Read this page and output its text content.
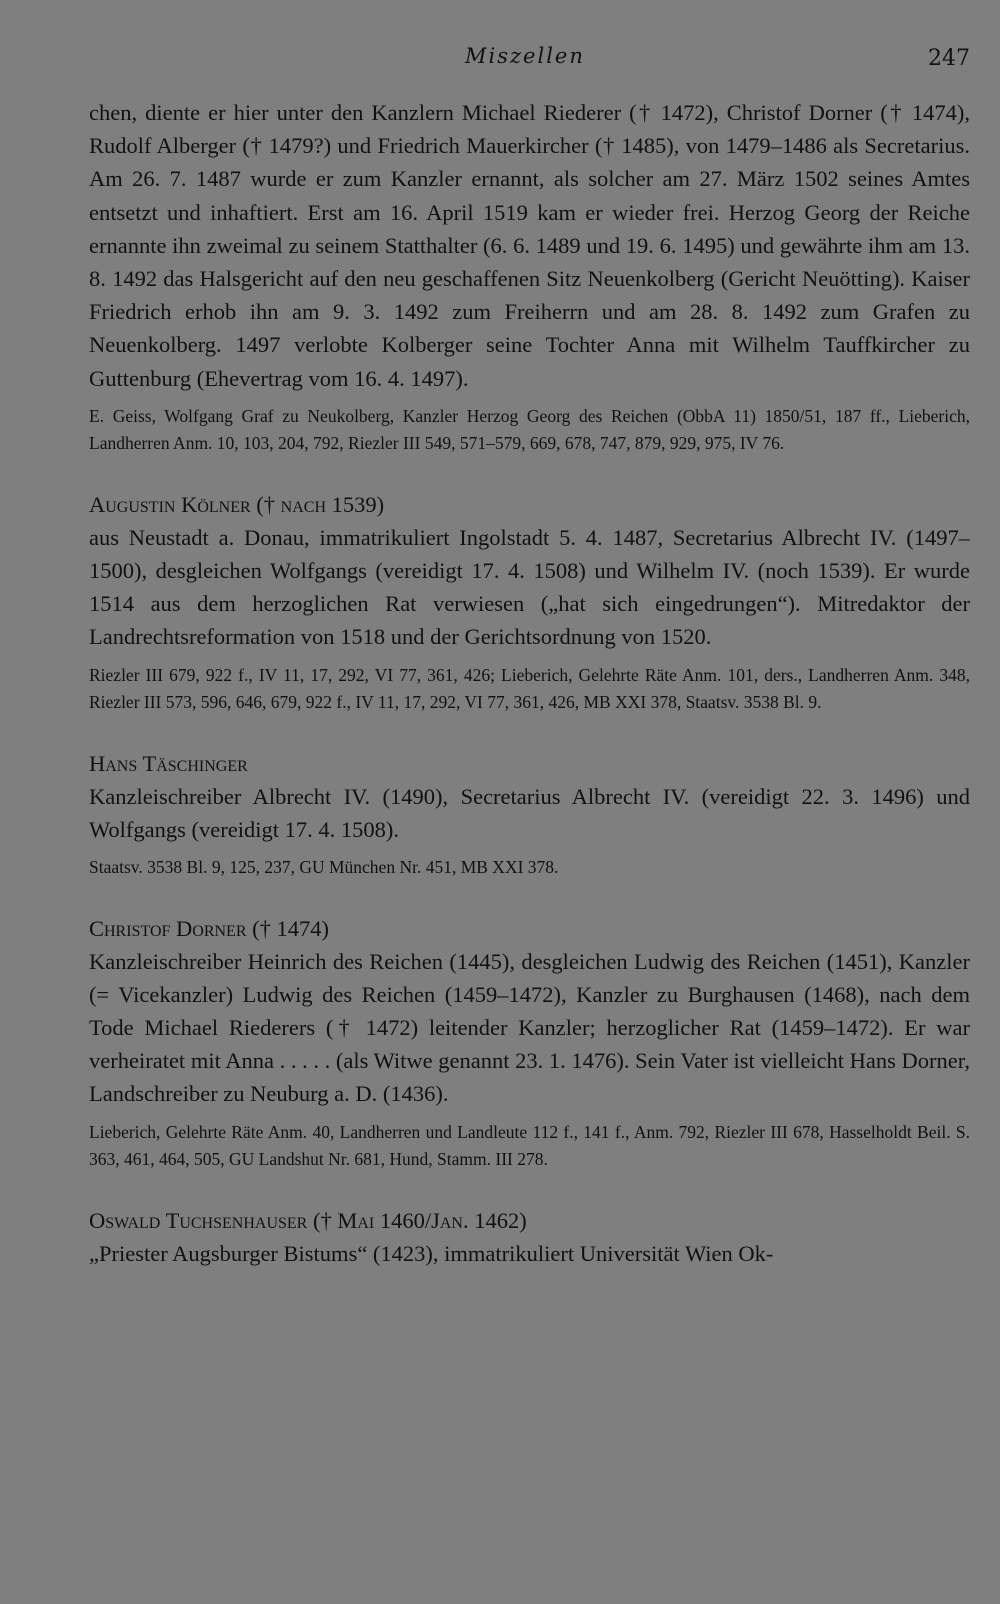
Miszellen	247

chen, diente er hier unter den Kanzlern Michael Riederer († 1472), Christof Dorner († 1474), Rudolf Alberger († 1479?) und Friedrich Mauerkircher († 1485), von 1479–1486 als Secretarius. Am 26. 7. 1487 wurde er zum Kanzler ernannt, als solcher am 27. März 1502 seines Amtes entsetzt und inhaftiert. Erst am 16. April 1519 kam er wieder frei. Herzog Georg der Reiche ernannte ihn zweimal zu seinem Statthalter (6. 6. 1489 und 19. 6. 1495) und gewährte ihm am 13. 8. 1492 das Halsgericht auf den neu geschaffenen Sitz Neuenkolberg (Gericht Neuötting). Kaiser Friedrich erhob ihn am 9. 3. 1492 zum Freiherrn und am 28. 8. 1492 zum Grafen zu Neuenkolberg. 1497 verlobte Kolberger seine Tochter Anna mit Wilhelm Tauffkircher zu Guttenburg (Ehevertrag vom 16. 4. 1497).

E. Geiss, Wolfgang Graf zu Neukolberg, Kanzler Herzog Georg des Reichen (ObbA 11) 1850/51, 187 ff., Lieberich, Landherren Anm. 10, 103, 204, 792, Riezler III 549, 571–579, 669, 678, 747, 879, 929, 975, IV 76.

Augustin Kölner († nach 1539)

aus Neustadt a. Donau, immatrikuliert Ingolstadt 5. 4. 1487, Secretarius Albrecht IV. (1497–1500), desgleichen Wolfgangs (vereidigt 17. 4. 1508) und Wilhelm IV. (noch 1539). Er wurde 1514 aus dem herzoglichen Rat verwiesen („hat sich eingedrungen“). Mitredaktor der Landrechtsreformation von 1518 und der Gerichtsordnung von 1520.

Riezler III 679, 922 f., IV 11, 17, 292, VI 77, 361, 426; Lieberich, Gelehrte Räte Anm. 101, ders., Landherren Anm. 348, Riezler III 573, 596, 646, 679, 922 f., IV 11, 17, 292, VI 77, 361, 426, MB XXI 378, Staatsv. 3538 Bl. 9.

Hans Täschinger

Kanzleischreiber Albrecht IV. (1490), Secretarius Albrecht IV. (vereidigt 22. 3. 1496) und Wolfgangs (vereidigt 17. 4. 1508).

Staatsv. 3538 Bl. 9, 125, 237, GU München Nr. 451, MB XXI 378.

Christof Dorner († 1474)

Kanzleischreiber Heinrich des Reichen (1445), desgleichen Ludwig des Reichen (1451), Kanzler (= Vicekanzler) Ludwig des Reichen (1459–1472), Kanzler zu Burghausen (1468), nach dem Tode Michael Riederers († 1472) leitender Kanzler; herzoglicher Rat (1459–1472). Er war verheiratet mit Anna . . . . . (als Witwe genannt 23. 1. 1476). Sein Vater ist vielleicht Hans Dorner, Landschreiber zu Neuburg a. D. (1436).

Lieberich, Gelehrte Räte Anm. 40, Landherren und Landleute 112 f., 141 f., Anm. 792, Riezler III 678, Hasselholdt Beil. S. 363, 461, 464, 505, GU Landshut Nr. 681, Hund, Stamm. III 278.

Oswald Tuchsenhauser († Mai 1460/Jan. 1462)

„Priester Augsburger Bistums“ (1423), immatrikuliert Universität Wien Ok-
